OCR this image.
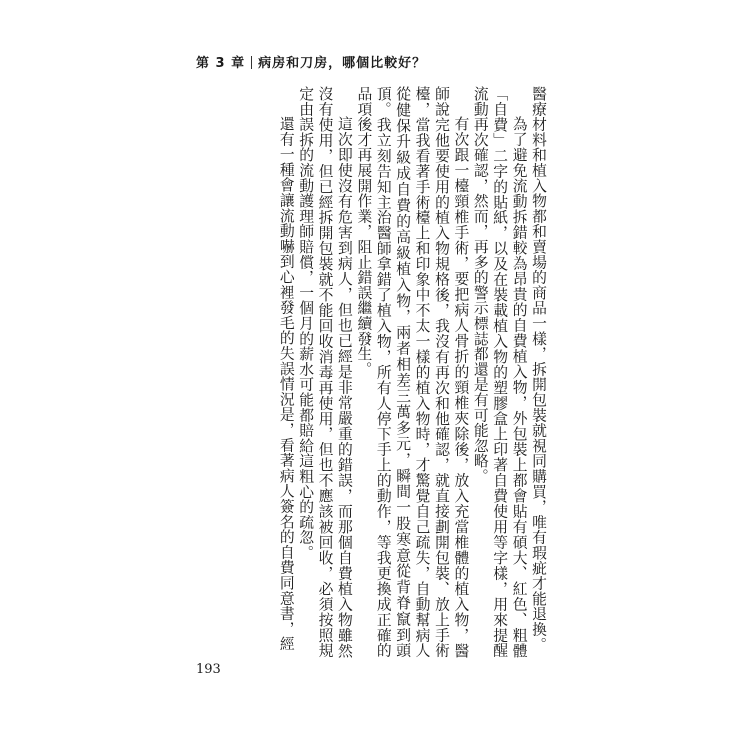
第 3 章 病房和刀房，哪個比較好？

醫療材料和植入物都和賣場的商品一樣，拆開包裝就視同購買，唯有瑕疵才能退換。

為了避免流動拆錯較為昂貴的自費植入物，外包裝上都會貼有碩大、紅色、粗體「自費」二字的貼紙，以及在裝載植入物的塑膠盒上印著自費使用等字樣，用來提醒流動再次確認，然而，再多的警示標誌都還是有可能忽略。

有次跟一檯頸椎手術，要把病人骨折的頸椎夾除後，放入充當椎體的植入物，醫師說完他要使用的植入物規格後，我沒有再次和他確認，就直接劃開包裝、放上手術檯，當我看著手術檯上和印象中不太一樣的植入物時，才驚覺自己疏失，自動幫病人從健保升級成自費的高級植入物，兩者相差三萬多元，瞬間一股寒意從背脊竄到頭頂。我立刻告知主治醫師拿錯了植入物，所有人停下手上的動作，等我更換成正確的品項後才再展開作業，阻止錯誤繼續發生。

這次即使沒有危害到病人，但也已經是非常嚴重的錯誤，而那個自費植入物雖然沒有使用，但已經拆開包裝就不能回收消毒再使用，但也不應該被回收，必須按照規定由誤拆的流動護理師賠償，一個月的薪水可能都賠給這粗心的疏忽。

還有一種會讓流動嚇到心裡發毛的失誤情況是，看著病人簽名的自費同意書，經

193
